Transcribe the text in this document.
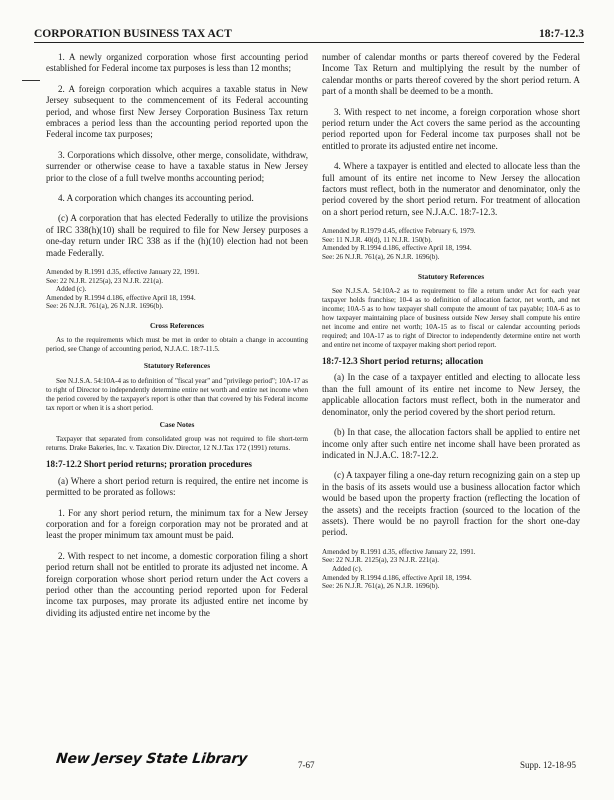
CORPORATION BUSINESS TAX ACT	18:7-12.3

1. A newly organized corporation whose first accounting period established for Federal income tax purposes is less than 12 months;

2. A foreign corporation which acquires a taxable status in New Jersey subsequent to the commencement of its Federal accounting period, and whose first New Jersey Corporation Business Tax return embraces a period less than the accounting period reported upon the Federal income tax purposes;

3. Corporations which dissolve, other merge, consolidate, withdraw, surrender or otherwise cease to have a taxable status in New Jersey prior to the close of a full twelve months accounting period;

4. A corporation which changes its accounting period.

(c) A corporation that has elected Federally to utilize the provisions of IRC 338(h)(10) shall be required to file for New Jersey purposes a one-day return under IRC 338 as if the (h)(10) election had not been made Federally.

Amended by R.1991 d.35, effective January 22, 1991.
See: 22 N.J.R. 2125(a), 23 N.J.R. 221(a).
Added (c).
Amended by R.1994 d.186, effective April 18, 1994.
See: 26 N.J.R. 761(a), 26 N.J.R. 1696(b).
Cross References

As to the requirements which must be met in order to obtain a change in accounting period, see Change of accounting period, N.J.A.C. 18:7-11.5.

Statutory References

See N.J.S.A. 54:10A-4 as to definition of "fiscal year" and "privilege period"; 10A-17 as to right of Director to independently determine entire net worth and entire net income when the period covered by the taxpayer's report is other than that covered by his Federal income tax report or when it is a short period.

Case Notes

Taxpayer that separated from consolidated group was not required to file short-term returns. Drake Bakeries, Inc. v. Taxation Div. Director, 12 N.J.Tax 172 (1991) returns.

18:7-12.2 Short period returns; proration procedures

(a) Where a short period return is required, the entire net income is permitted to be prorated as follows:

1. For any short period return, the minimum tax for a New Jersey corporation and for a foreign corporation may not be prorated and at least the proper minimum tax amount must be paid.

2. With respect to net income, a domestic corporation filing a short period return shall not be entitled to prorate its adjusted net income. A foreign corporation whose short period return under the Act covers a period other than the accounting period reported upon for Federal income tax purposes, may prorate its adjusted entire net income by dividing its adjusted entire net income by the

number of calendar months or parts thereof covered by the Federal Income Tax Return and multiplying the result by the number of calendar months or parts thereof covered by the short period return. A part of a month shall be deemed to be a month.

3. With respect to net income, a foreign corporation whose short period return under the Act covers the same period as the accounting period reported upon for Federal income tax purposes shall not be entitled to prorate its adjusted entire net income.

4. Where a taxpayer is entitled and elected to allocate less than the full amount of its entire net income to New Jersey the allocation factors must reflect, both in the numerator and denominator, only the period covered by the short period return. For treatment of allocation on a short period return, see N.J.A.C. 18:7-12.3.

Amended by R.1979 d.45, effective February 6, 1979.
See: 11 N.J.R. 40(d), 11 N.J.R. 150(b).
Amended by R.1994 d.186, effective April 18, 1994.
See: 26 N.J.R. 761(a), 26 N.J.R. 1696(b).
Statutory References

See N.J.S.A. 54:10A-2 as to requirement to file a return under Act for each year taxpayer holds franchise; 10-4 as to definition of allocation factor, net worth, and net income; 10A-5 as to how taxpayer shall compute the amount of tax payable; 10A-6 as to how taxpayer maintaining place of business outside New Jersey shall compute his entire net income and entire net worth; 10A-15 as to fiscal or calendar accounting periods required; and 10A-17 as to right of Director to independently determine entire net worth and entire net income of taxpayer making short period report.

18:7-12.3 Short period returns; allocation

(a) In the case of a taxpayer entitled and electing to allocate less than the full amount of its entire net income to New Jersey, the applicable allocation factors must reflect, both in the numerator and denominator, only the period covered by the short period return.

(b) In that case, the allocation factors shall be applied to entire net income only after such entire net income shall have been prorated as indicated in N.J.A.C. 18:7-12.2.

(c) A taxpayer filing a one-day return recognizing gain on a step up in the basis of its assets would use a business allocation factor which would be based upon the property fraction (reflecting the location of the assets) and the receipts fraction (sourced to the location of the assets). There would be no payroll fraction for the short one-day period.

Amended by R.1991 d.35, effective January 22, 1991.
See: 22 N.J.R. 2125(a), 23 N.J.R. 221(a).
Added (c).
Amended by R.1994 d.186, effective April 18, 1994.
See: 26 N.J.R. 761(a), 26 N.J.R. 1696(b).
New Jersey State Library	7-67	Supp. 12-18-95
